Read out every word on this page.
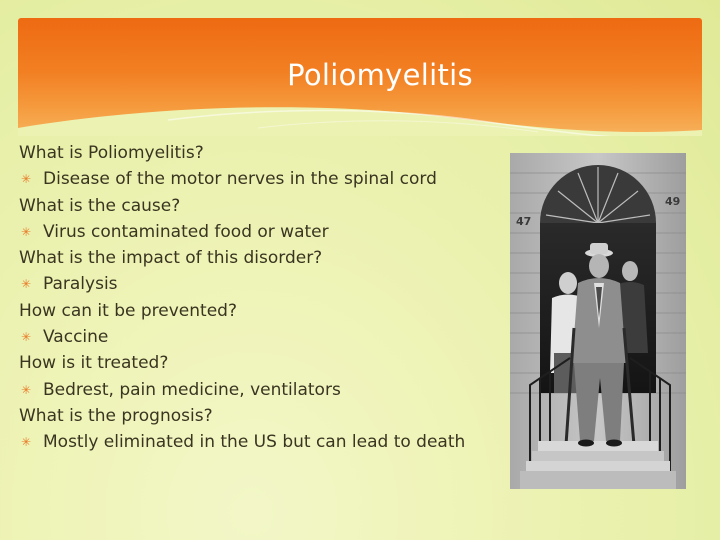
Poliomyelitis
What is Poliomyelitis?
✳ Disease of the motor nerves in the spinal cord
What is the cause?
✳ Virus contaminated food or water
What is the impact of this disorder?
✳ Paralysis
How can it be prevented?
✳ Vaccine
How is it treated?
✳ Bedrest, pain medicine, ventilators
What is the prognosis?
✳ Mostly eliminated in the US but can lead to death
47
49
